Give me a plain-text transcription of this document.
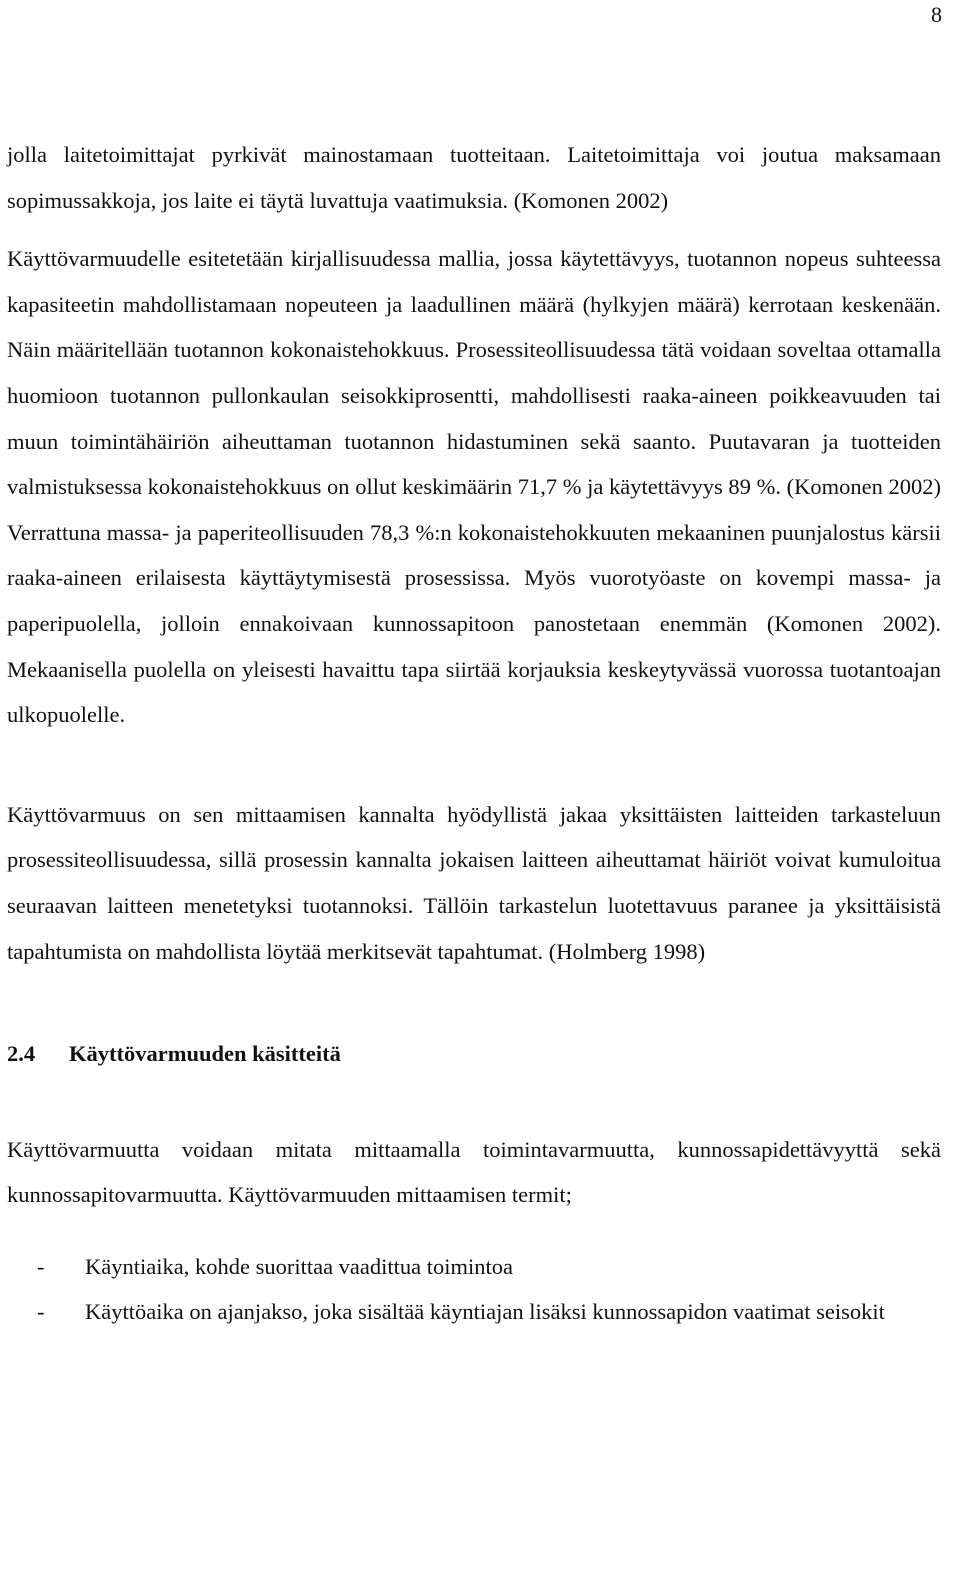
8

jolla laitetoimittajat pyrkivät mainostamaan tuotteitaan. Laitetoimittaja voi joutua maksamaan sopimussakkoja, jos laite ei täytä luvattuja vaatimuksia. (Komonen 2002)

Käyttövarmuudelle esitetetään kirjallisuudessa mallia, jossa käytettävyys, tuotannon nopeus suhteessa kapasiteetin mahdollistamaan nopeuteen ja laadullinen määrä (hylkyjen määrä) kerrotaan keskenään. Näin määritellään tuotannon kokonaistehokkuus. Prosessiteollisuudessa tätä voidaan soveltaa ottamalla huomioon tuotannon pullonkaulan seisokkiprosentti, mahdollisesti raaka-aineen poikkeavuuden tai muun toimintähäiriön aiheuttaman tuotannon hidastuminen sekä saanto. Puutavaran ja tuotteiden valmistuksessa kokonaistehokkuus on ollut keskimäärin 71,7 % ja käytettävyys 89 %. (Komonen 2002) Verrattuna massa- ja paperiteollisuuden 78,3 %:n kokonaistehokkuuten mekaaninen puunjalostus kärsii raaka-aineen erilaisesta käyttäytymisestä prosessissa. Myös vuorotyöaste on kovempi massa- ja paperipuolella, jolloin ennakoivaan kunnossapitoon panostetaan enemmän (Komonen 2002). Mekaanisella puolella on yleisesti havaittu tapa siirtää korjauksia keskeytyvässä vuorossa tuotantoajan ulkopuolelle.

Käyttövarmuus on sen mittaamisen kannalta hyödyllistä jakaa yksittäisten laitteiden tarkasteluun prosessiteollisuudessa, sillä prosessin kannalta jokaisen laitteen aiheuttamat häiriöt voivat kumuloitua seuraavan laitteen menetetyksi tuotannoksi. Tällöin tarkastelun luotettavuus paranee ja yksittäisistä tapahtumista on mahdollista löytää merkitsevät tapahtumat. (Holmberg 1998)

2.4 Käyttövarmuuden käsitteitä

Käyttövarmuutta voidaan mitata mittaamalla toimintavarmuutta, kunnossapidettävyyttä sekä kunnossapitovarmuutta. Käyttövarmuuden mittaamisen termit;

- Käyntiaika, kohde suorittaa vaadittua toimintoa
- Käyttöaika on ajanjakso, joka sisältää käyntiajan lisäksi kunnossapidon vaatimat seisokit
